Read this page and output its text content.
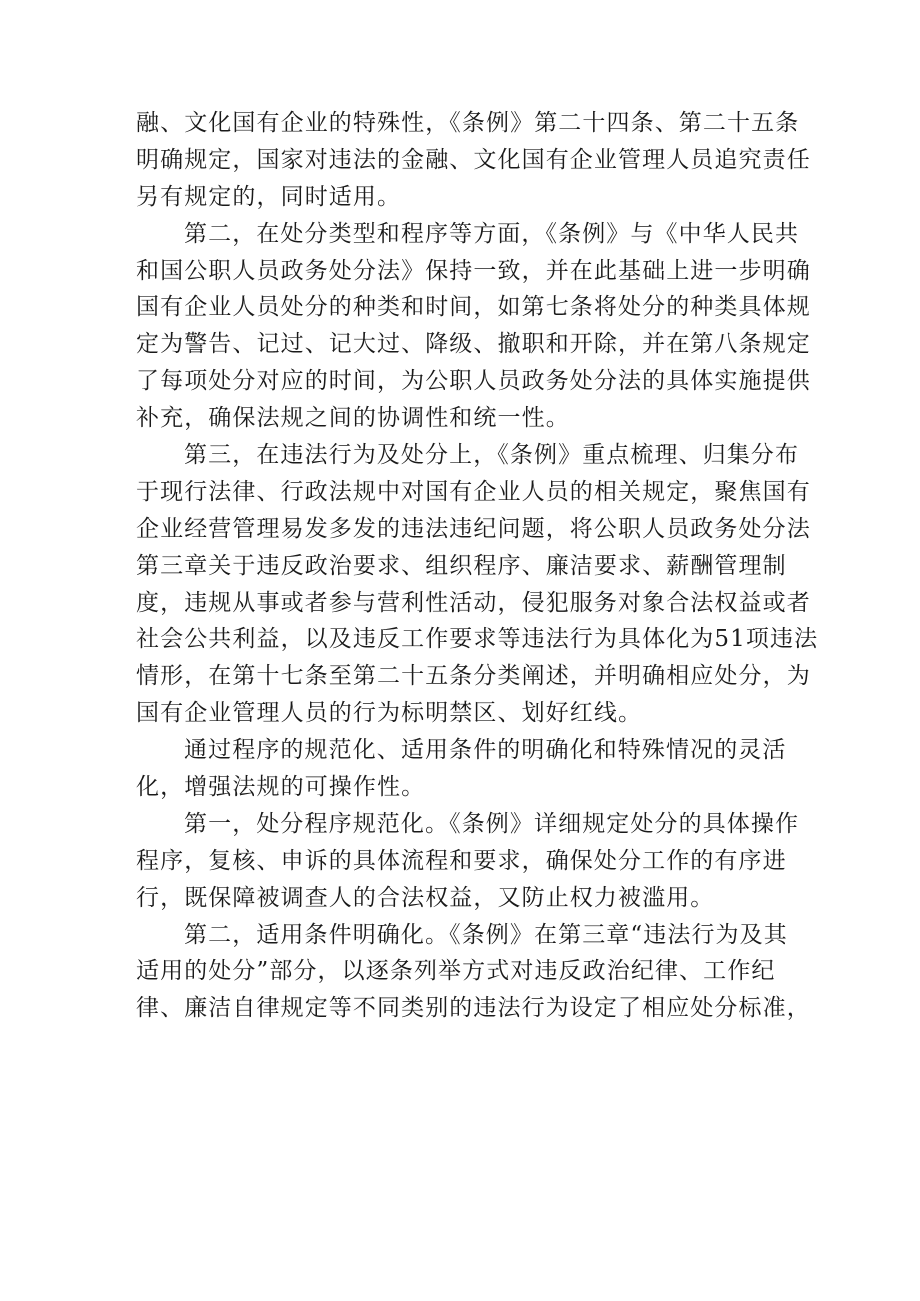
融、文化国有企业的特殊性，《条例》第二十四条、第二十五条
明确规定，国家对违法的金融、文化国有企业管理人员追究责任
另有规定的，同时适用。
第二，在处分类型和程序等方面，《条例》与《中华人民共
和国公职人员政务处分法》保持一致，并在此基础上进一步明确
国有企业人员处分的种类和时间，如第七条将处分的种类具体规
定为警告、记过、记大过、降级、撤职和开除，并在第八条规定
了每项处分对应的时间，为公职人员政务处分法的具体实施提供
补充，确保法规之间的协调性和统一性。
第三，在违法行为及处分上，《条例》重点梳理、归集分布
于现行法律、行政法规中对国有企业人员的相关规定，聚焦国有
企业经营管理易发多发的违法违纪问题，将公职人员政务处分法
第三章关于违反政治要求、组织程序、廉洁要求、薪酬管理制
度，违规从事或者参与营利性活动，侵犯服务对象合法权益或者
社会公共利益，以及违反工作要求等违法行为具体化为51项违法
情形，在第十七条至第二十五条分类阐述，并明确相应处分，为
国有企业管理人员的行为标明禁区、划好红线。
通过程序的规范化、适用条件的明确化和特殊情况的灵活
化，增强法规的可操作性。
第一，处分程序规范化。《条例》详细规定处分的具体操作
程序，复核、申诉的具体流程和要求，确保处分工作的有序进
行，既保障被调查人的合法权益，又防止权力被滥用。
第二，适用条件明确化。《条例》在第三章“违法行为及其
适用的处分”部分，以逐条列举方式对违反政治纪律、工作纪
律、廉洁自律规定等不同类别的违法行为设定了相应处分标准，
